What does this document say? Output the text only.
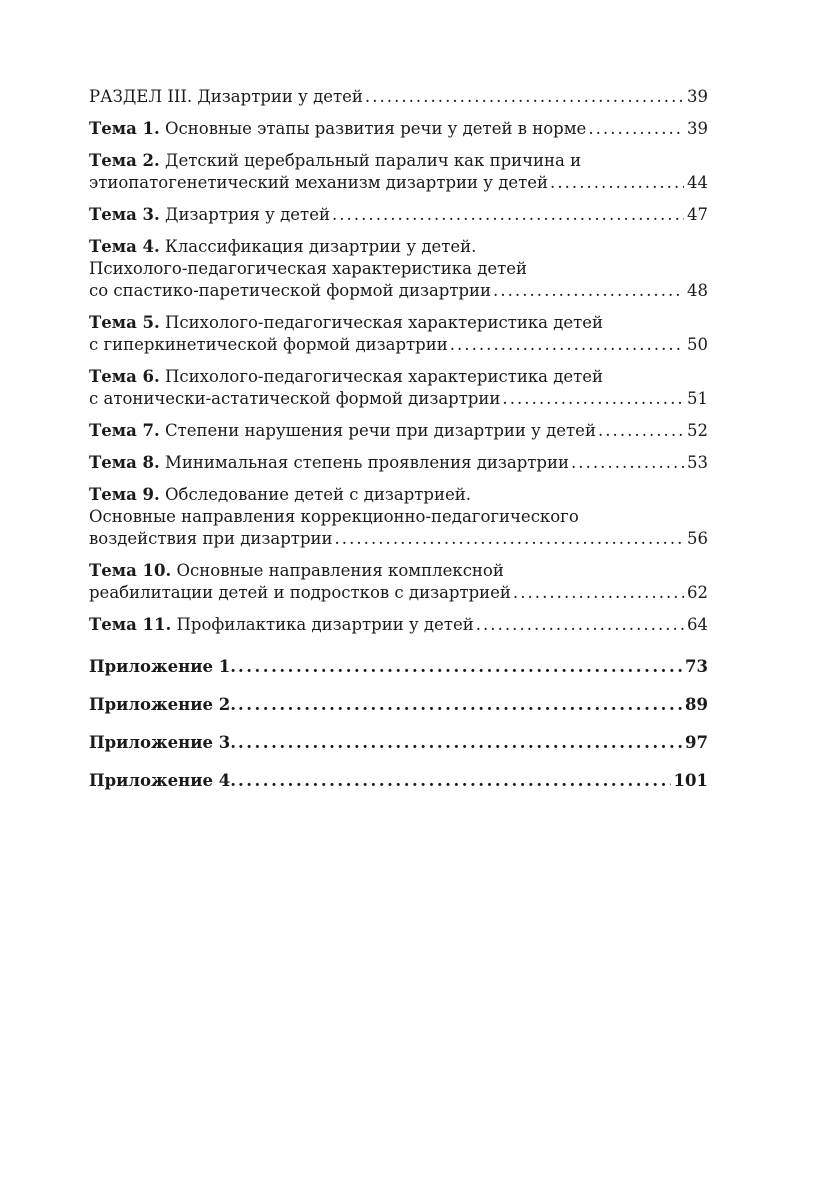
РАЗДЕЛ III. Дизартрии у детей . . .	39
Тема 1. Основные этапы развития речи у детей в норме . . .	39
Тема 2. Детский церебральный паралич как причина и
этиопатогенетический механизм дизартрии у детей . . .	44
Тема 3. Дизартрия у детей . . .	47
Тема 4. Классификация дизартрии у детей.
Психолого-педагогическая характеристика детей
со спастико-паретической формой дизартрии . . .	48
Тема 5. Психолого-педагогическая характеристика детей
с гиперкинетической формой дизартрии . . .	50
Тема 6. Психолого-педагогическая характеристика детей
с атонически-астатической формой дизартрии . . .	51
Тема 7. Степени нарушения речи при дизартрии у детей . . .	52
Тема 8. Минимальная степень проявления дизартрии . . .	53
Тема 9. Обследование детей с дизартрией.
Основные направления коррекционно-педагогического
воздействия при дизартрии . . .	56
Тема 10. Основные направления комплексной
реабилитации детей и подростков с дизартрией . . .	62
Тема 11. Профилактика дизартрии у детей . . .	64
Приложение 1. . . .	73
Приложение 2. . . .	89
Приложение 3. . . .	97
Приложение 4. . . .	101
